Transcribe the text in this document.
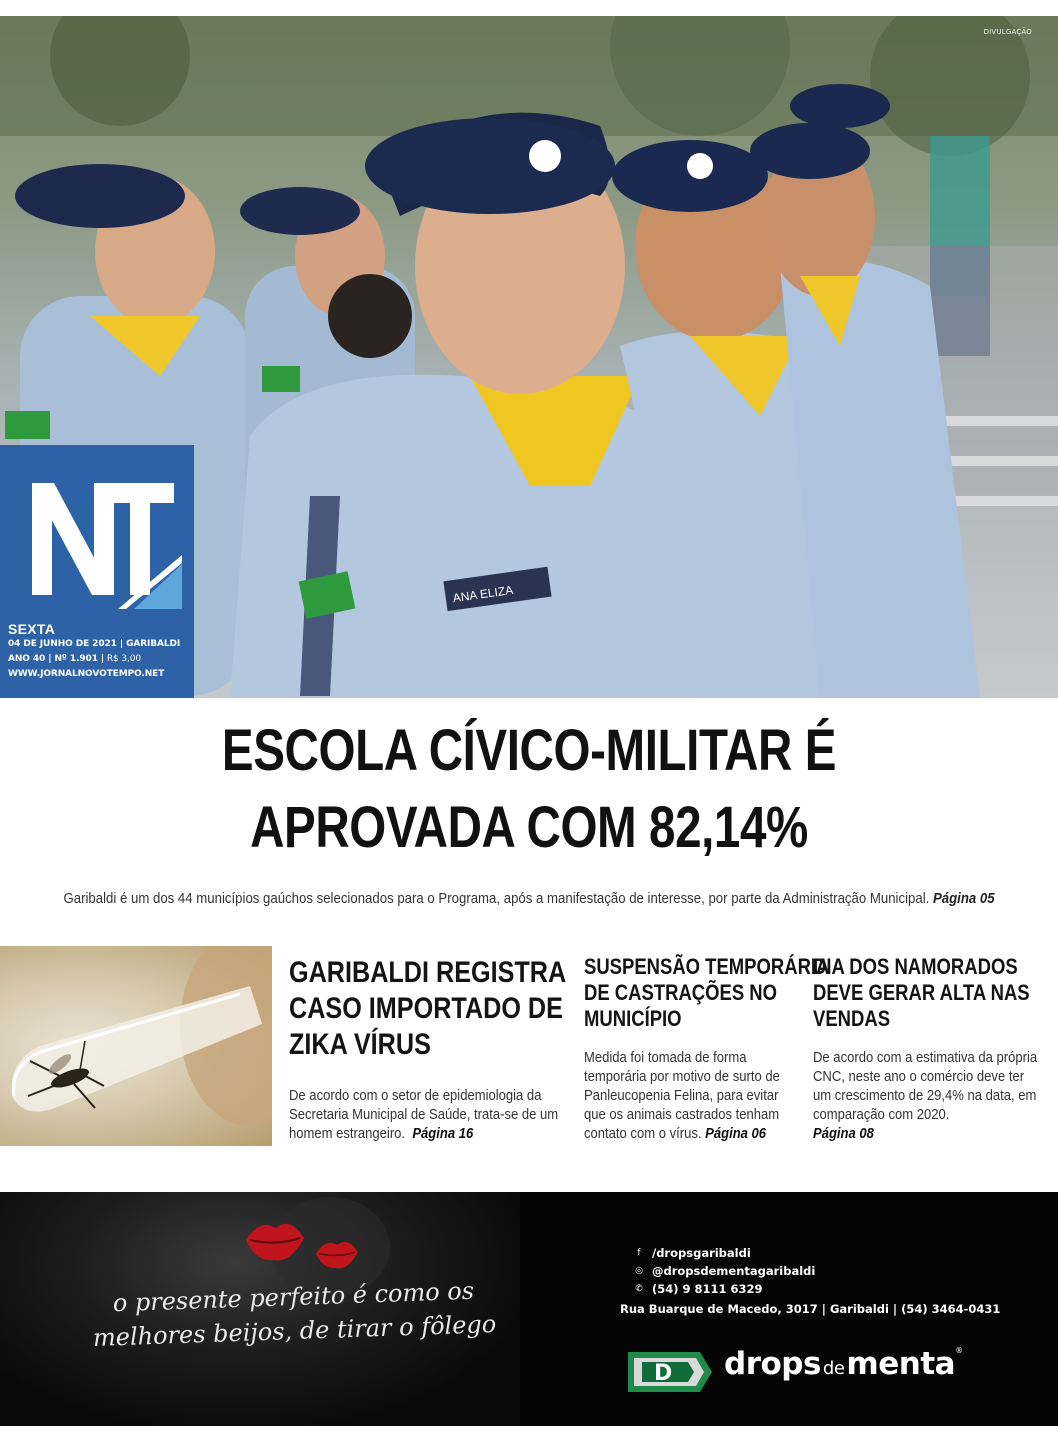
ANA ELIZA
DIVULGAÇÃO
SEXTA
04 DE JUNHO DE 2021 | GARIBALDI
ANO 40 | Nº 1.901 | R$ 3,00
WWW.JORNALNOVOTEMPO.NET
ESCOLA CÍVICO-MILITAR É
APROVADA COM 82,14%
Garibaldi é um dos 44 municípios gaúchos selecionados para o Programa, após a manifestação de interesse, por parte da Administração Municipal. Página 05
GARIBALDI REGISTRA
CASO IMPORTADO DE
ZIKA VÍRUS
De acordo com o setor de epidemiologia da
Secretaria Municipal de Saúde, trata-se de um
homem estrangeiro. Página 16
SUSPENSÃO TEMPORÁRIA
DE CASTRAÇÕES NO
MUNICÍPIO
Medida foi tomada de forma
temporária por motivo de surto de
Panleucopenia Felina, para evitar
que os animais castrados tenham
contato com o vírus. Página 06
DIA DOS NAMORADOS
DEVE GERAR ALTA NAS
VENDAS
De acordo com a estimativa da própria
CNC, neste ano o comércio deve ter
um crescimento de 29,4% na data, em
comparação com 2020.
Página 08
o presente perfeito é como os
melhores beijos, de tirar o fôlego
f /dropsgaribaldi
◎ @dropsdementagaribaldi
✆ (54) 9 8111 6329
Rua Buarque de Macedo, 3017 | Garibaldi | (54) 3464-0431
D drops dementa®
